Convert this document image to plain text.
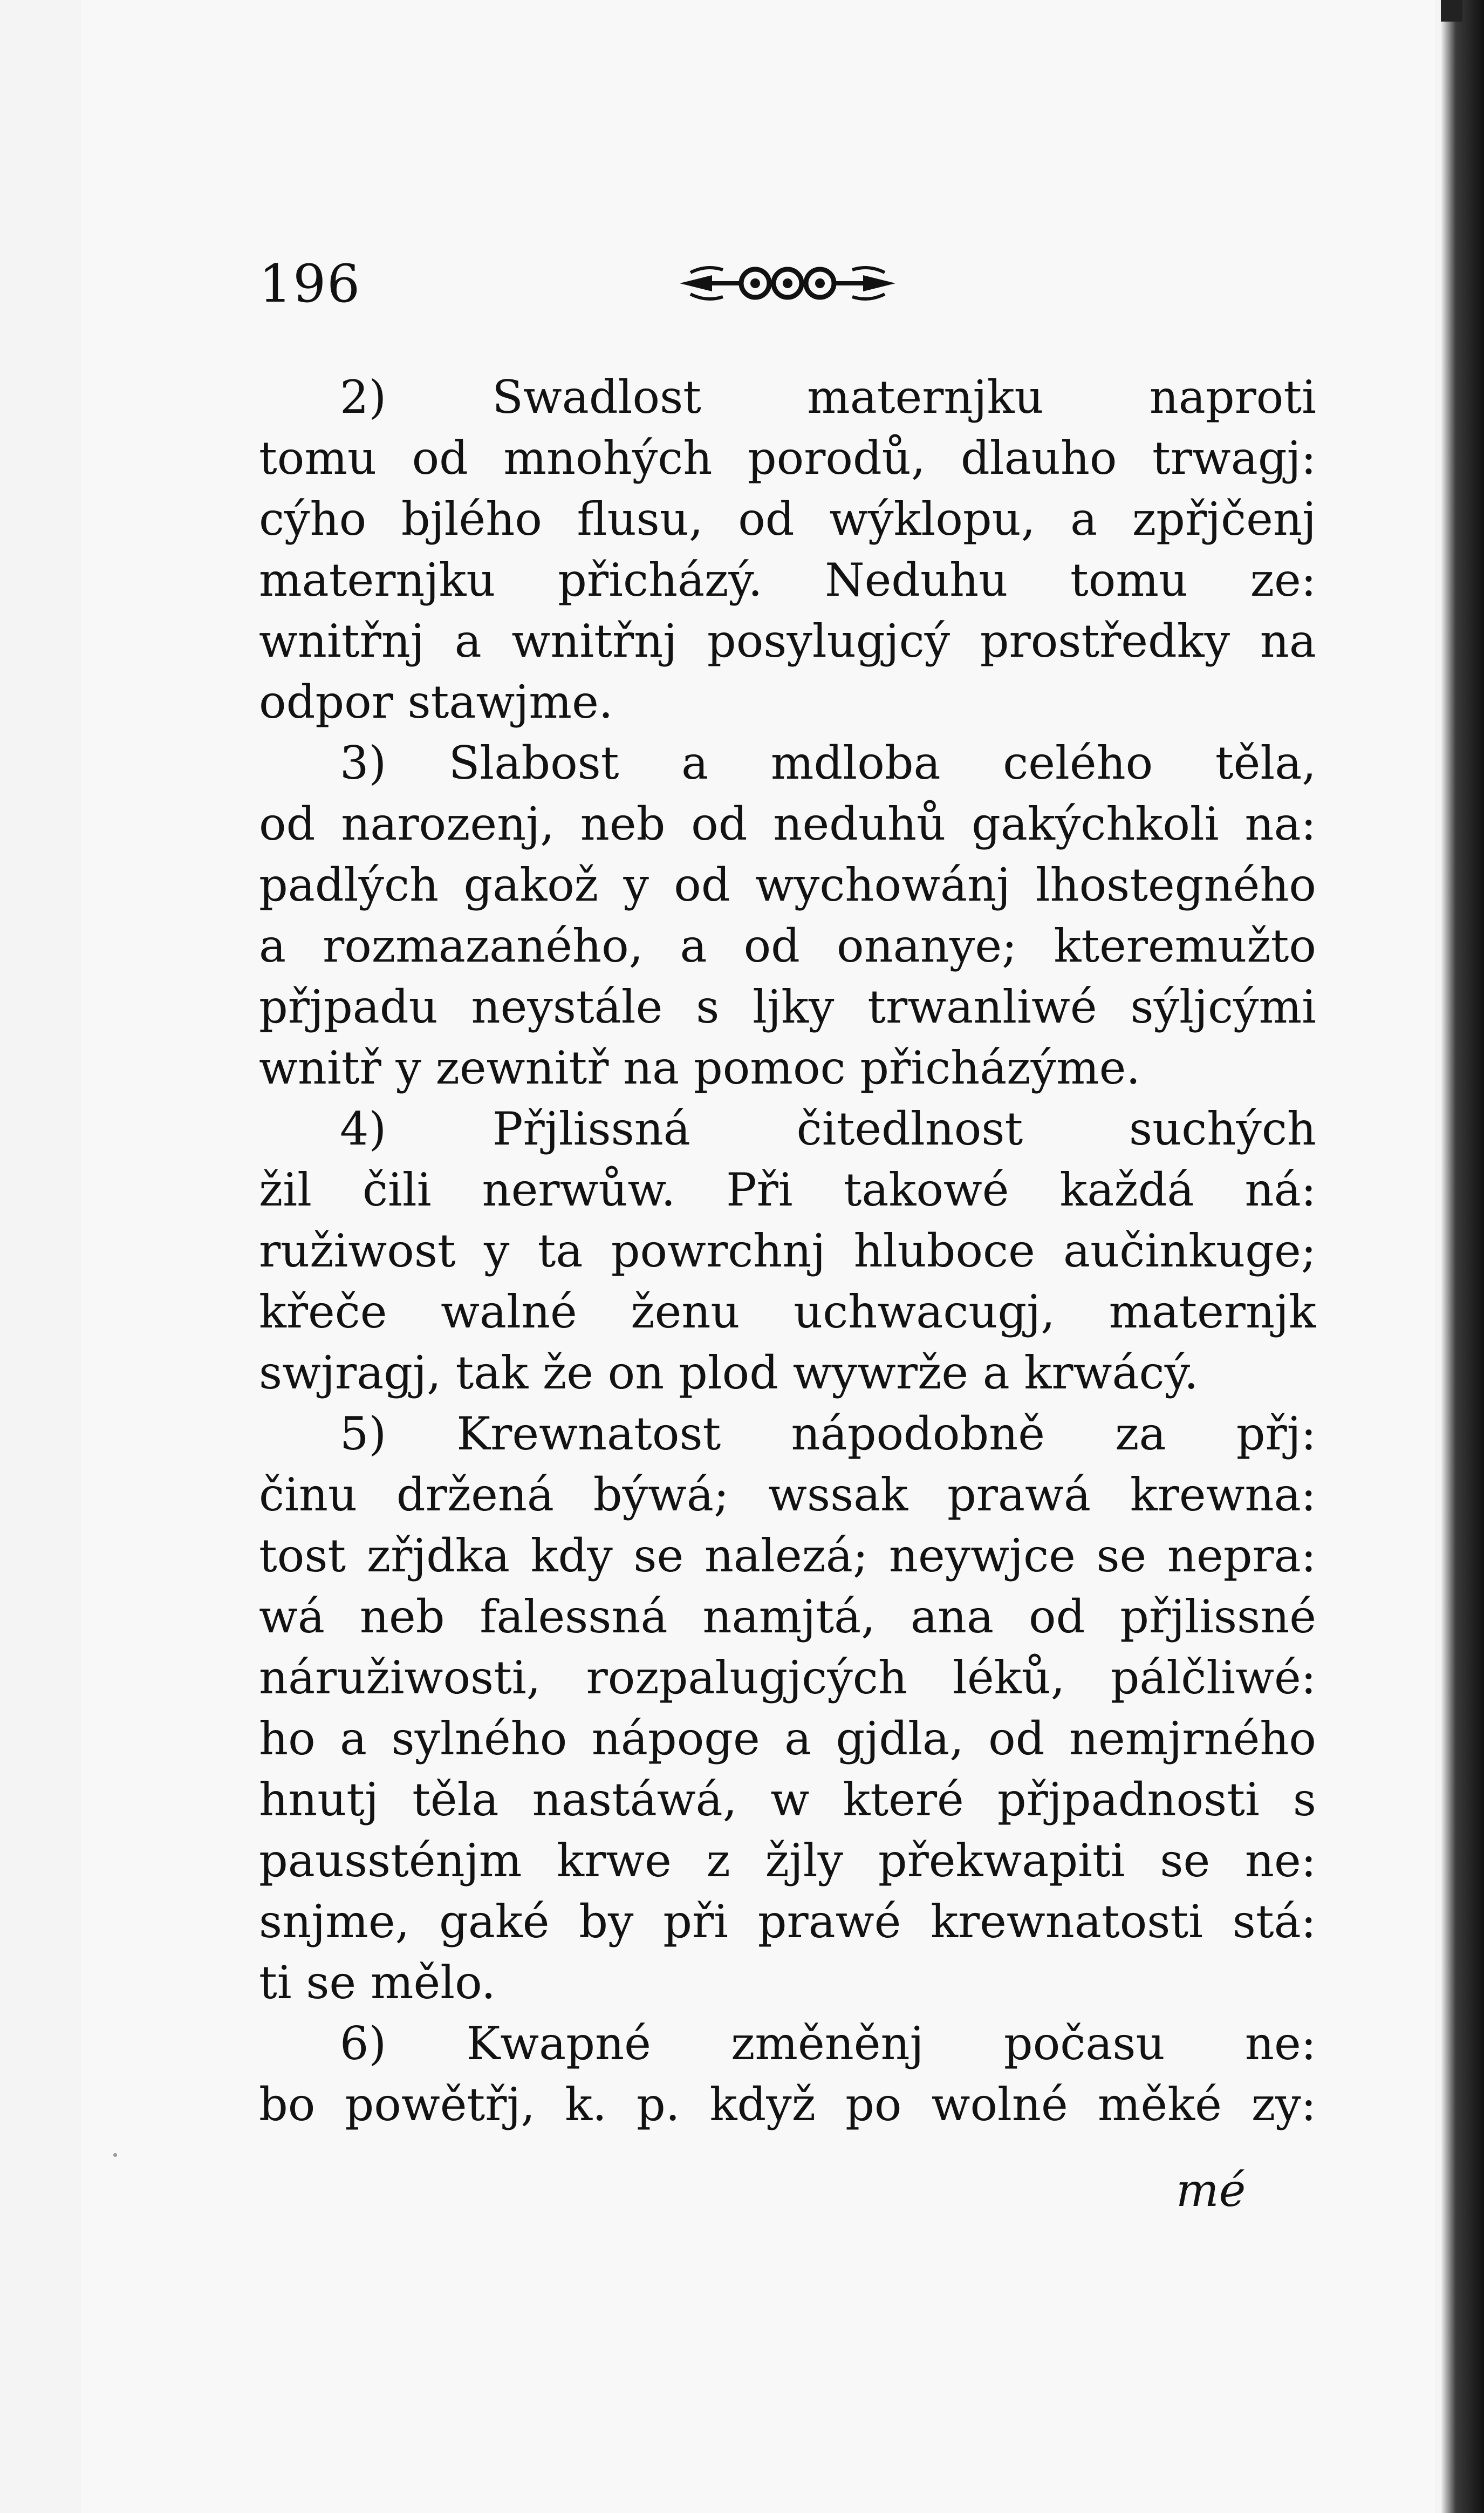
196
2) Swadlost maternjku naproti
tomu od mnohých porodů, dlauho trwagj:
cýho bjlého flusu, od wýklopu, a zpřjčenj
maternjku přicházý. Neduhu tomu ze:
wnitřnj a wnitřnj posylugjcý prostředky na
odpor stawjme.
3) Slabost a mdloba celého těla,
od narozenj, neb od neduhů gakýchkoli na:
padlých gakož y od wychowánj lhostegného
a rozmazaného, a od onanye; kteremužto
přjpadu neystále s ljky trwanliwé sýljcými
wnitř y zewnitř na pomoc přicházýme.
4) Přjlissná čitedlnost suchých
žil čili nerwůw. Při takowé každá ná:
ružiwost y ta powrchnj hluboce aučinkuge;
křeče walné ženu uchwacugj, maternjk
swjragj, tak že on plod wywrže a krwácý.
5) Krewnatost nápodobně za přj:
činu držená býwá; wssak prawá krewna:
tost zřjdka kdy se nalezá; neywjce se nepra:
wá neb falessná namjtá, ana od přjlissné
náružiwosti, rozpalugjcých léků, pálčliwé:
ho a sylného nápoge a gjdla, od nemjrného
hnutj těla nastáwá, w které přjpadnosti s
paussténjm krwe z žjly překwapiti se ne:
snjme, gaké by při prawé krewnatosti stá:
ti se mělo.
6) Kwapné změněnj počasu ne:
bo powětřj, k. p. když po wolné měké zy:
mé
